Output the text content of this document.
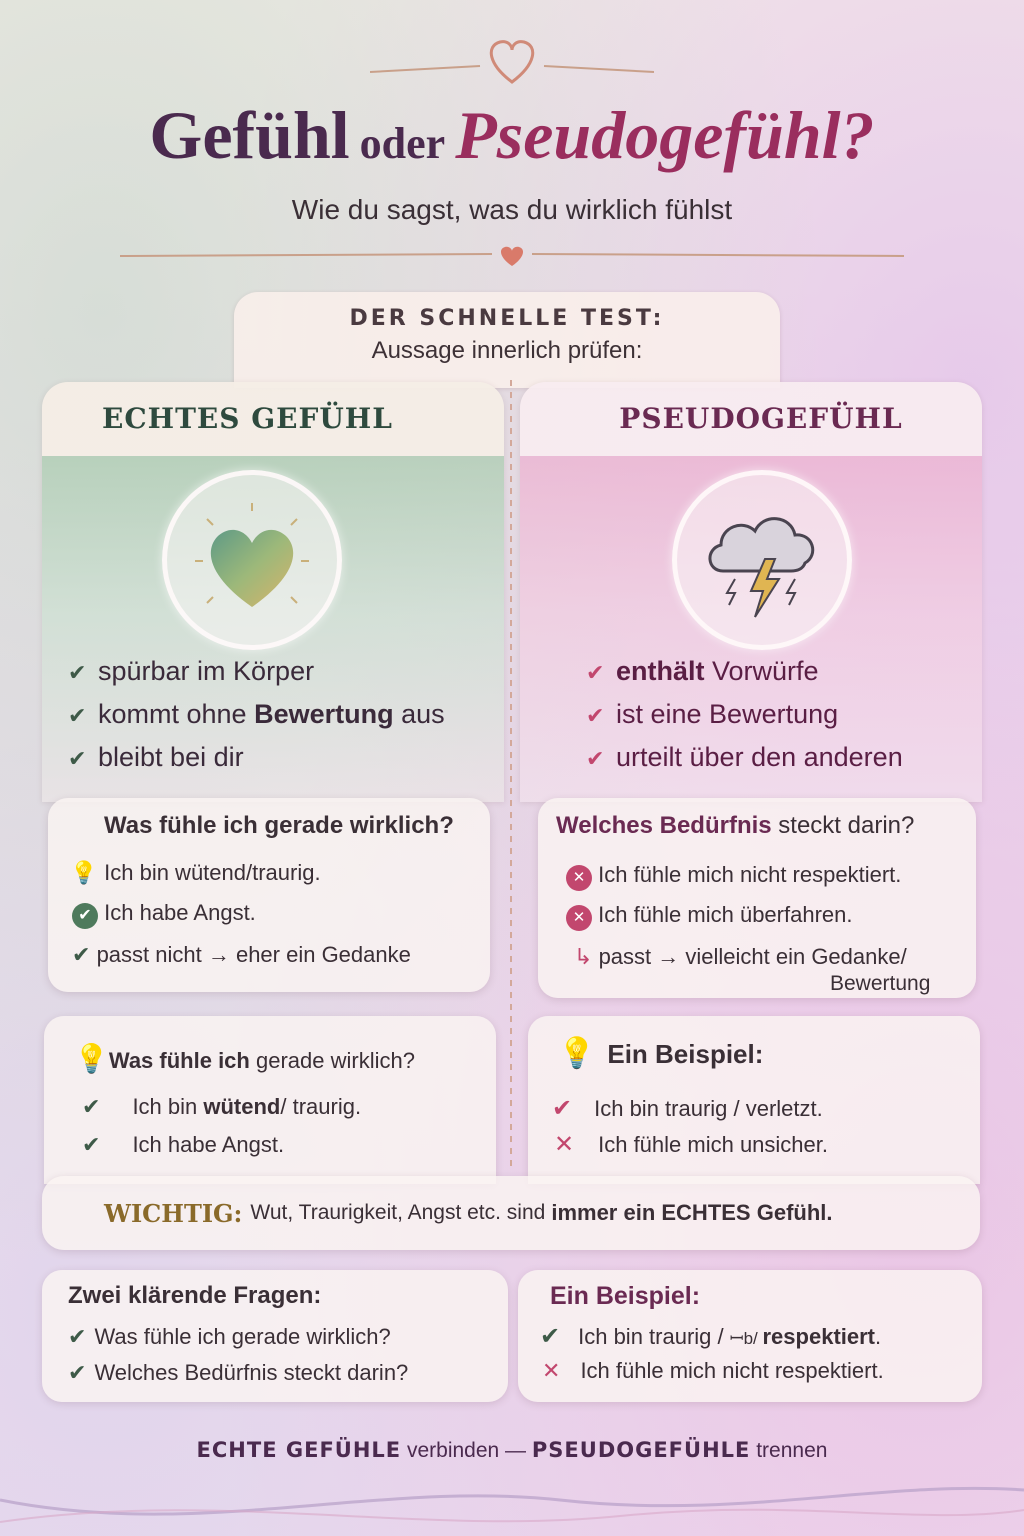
Gefühl oder Pseudogefühl?
Wie du sagst, was du wirklich fühlst
DER SCHNELLE TEST:
Aussage innerlich prüfen:
ECHTES GEFÜHL
✔ spürbar im Körper
✔ kommt ohne Bewertung aus
✔ bleibt bei dir
PSEUDOGEFÜHL
✔ enthält Vorwürfe
✔ ist eine Bewertung
✔ urteilt über den anderen
Was fühle ich gerade wirklich?
💡 Ich bin wütend/traurig.
✔ Ich habe Angst.
✔ passt nicht → eher ein Gedanke
Welches Bedürfnis steckt darin?
✕ Ich fühle mich nicht respektiert.
✕ Ich fühle mich überfahren.
↳ passt → vielleicht ein Gedanke/
Bewertung
💡Was fühle ich gerade wirklich?
✔ Ich bin wütend/ traurig.
✔ Ich habe Angst.
💡 Ein Beispiel:
✔ Ich bin traurig / verletzt.
✕ Ich fühle mich unsicher.
WICHTIG: Wut, Traurigkeit, Angst etc. sind immer ein ECHTES Gefühl.
Zwei klärende Fragen:
✔ Was fühle ich gerade wirklich?
✔ Welches Bedürfnis steckt darin?
Ein Beispiel:
✔ Ich bin traurig / ꟷb/ respektiert.
✕ Ich fühle mich nicht respektiert.
ECHTE GEFÜHLE verbinden — PSEUDOGEFÜHLE trennen
